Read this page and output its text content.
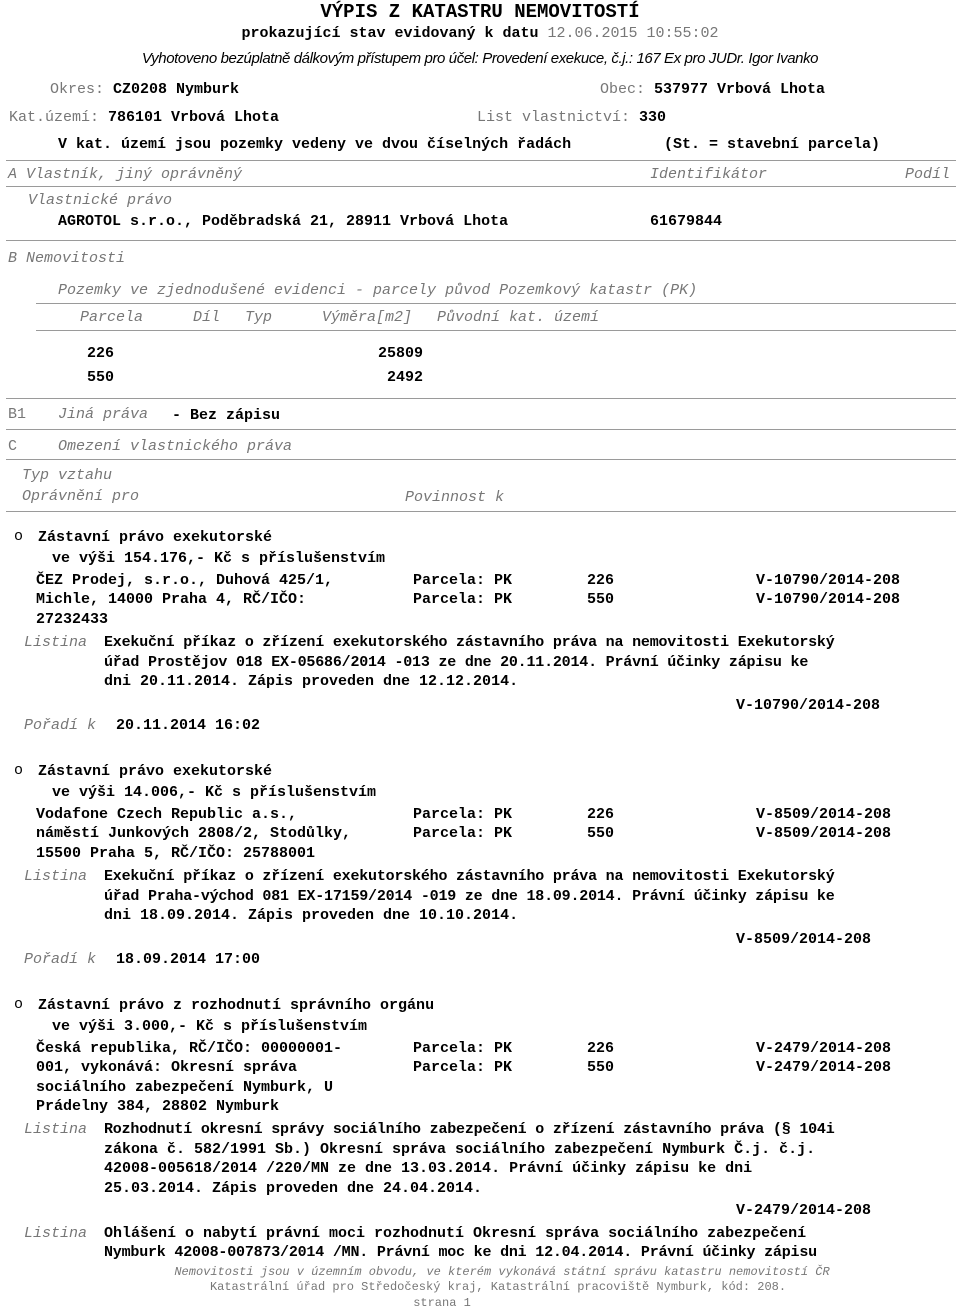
VÝPIS Z KATASTRU NEMOVITOSTÍ
prokazující stav evidovaný k datu 12.06.2015 10:55:02
Vyhotoveno bezúplatně dálkovým přístupem pro účel: Provedení exekuce, č.j.: 167 Ex pro JUDr. Igor Ivanko
Okres: CZ0208 Nymburk	Obec: 537977 Vrbová Lhota
Kat.území: 786101 Vrbová Lhota	List vlastnictví: 330
V kat. území jsou pozemky vedeny ve dvou číselných řadách	(St. = stavební parcela)
A Vlastník, jiný oprávněný	Identifikátor	Podíl
Vlastnické právo
AGROTOL s.r.o., Poděbradská 21, 28911 Vrbová Lhota	61679844
B Nemovitosti
Pozemky ve zjednodušené evidenci - parcely původ Pozemkový katastr (PK)
Parcela	Díl Typ	Výměra[m2] Původní kat. území
226	25809
550	2492
B1 Jiná práva - Bez zápisu
C	Omezení vlastnického práva
Typ vztahu
Oprávnění pro	Povinnost k
o Zástavní právo exekutorské
ve výši 154.176,- Kč s příslušenstvím
ČEZ Prodej, s.r.o., Duhová 425/1,
Michle, 14000 Praha 4, RČ/IČO:
27232433
Parcela: PK	226	V-10790/2014-208
Parcela: PK	550	V-10790/2014-208
Listina Exekuční příkaz o zřízení exekutorského zástavního práva na nemovitosti Exekutorský
úřad Prostějov 018 EX-05686/2014 -013 ze dne 20.11.2014. Právní účinky zápisu ke
dni 20.11.2014. Zápis proveden dne 12.12.2014.
V-10790/2014-208
Pořadí k 20.11.2014 16:02
o Zástavní právo exekutorské
ve výši 14.006,- Kč s příslušenstvím
Vodafone Czech Republic a.s.,
náměstí Junkových 2808/2, Stodůlky,
15500 Praha 5, RČ/IČO: 25788001
Parcela: PK	226	V-8509/2014-208
Parcela: PK	550	V-8509/2014-208
Listina Exekuční příkaz o zřízení exekutorského zástavního práva na nemovitosti Exekutorský
úřad Praha-východ 081 EX-17159/2014 -019 ze dne 18.09.2014. Právní účinky zápisu ke
dni 18.09.2014. Zápis proveden dne 10.10.2014.
V-8509/2014-208
Pořadí k 18.09.2014 17:00
o Zástavní právo z rozhodnutí správního orgánu
ve výši 3.000,- Kč s příslušenstvím
Česká republika, RČ/IČO: 00000001-
001, vykonává: Okresní správa
sociálního zabezpečení Nymburk, U
Prádelny 384, 28802 Nymburk
Parcela: PK	226	V-2479/2014-208
Parcela: PK	550	V-2479/2014-208
Listina Rozhodnutí okresní správy sociálního zabezpečení o zřízení zástavního práva (§ 104i
zákona č. 582/1991 Sb.) Okresní správa sociálního zabezpečení Nymburk Č.j. č.j.
42008-005618/2014 /220/MN ze dne 13.03.2014. Právní účinky zápisu ke dni
25.03.2014. Zápis proveden dne 24.04.2014.
V-2479/2014-208
Listina Ohlášení o nabytí právní moci rozhodnutí Okresní správa sociálního zabezpečení
Nymburk 42008-007873/2014 /MN. Právní moc ke dni 12.04.2014. Právní účinky zápisu
Nemovitosti jsou v územním obvodu, ve kterém vykonává státní správu katastru nemovitostí ČR
Katastrální úřad pro Středočeský kraj, Katastrální pracoviště Nymburk, kód: 208.
strana 1
